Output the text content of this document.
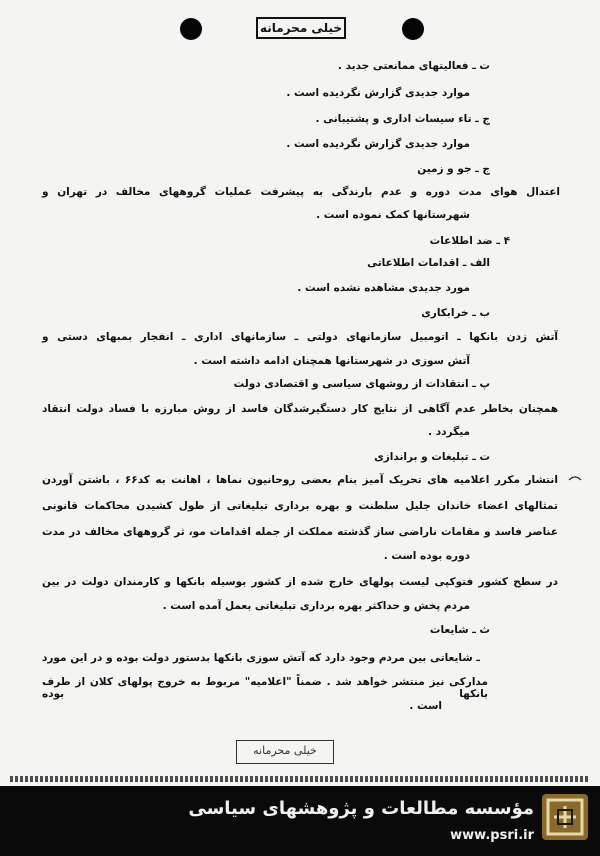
خیلی محرمانه
ت ـ فعالیتهای ممانعتی جدید .
موارد جدیدی گزارش نگردیده است .
ج ـ تاء سیسات اداری و پشتیبانی .
موارد جدیدی گزارش نگردیده است .
ج ـ جو و زمین
اعتدال هوای مدت دوره و عدم بارندگی به پیشرفت عملیات گروههای مخالف در تهران و
شهرستانها کمک نموده است .
۴ ـ ضد اطلاعات
الف ـ اقدامات اطلاعاتی
مورد جدیدی مشاهده نشده است .
ب ـ خرابکاری
آتش زدن بانکها ـ اتومبیل سازمانهای دولتی ـ سازمانهای اداری ـ انفجار بمبهای دستی و
آتش سوزی در شهرستانها همچنان ادامه داشته است .
پ ـ انتقادات از روشهای سیاسی و اقتصادی دولت
همچنان بخاطر عدم آگاهی از نتایج کار دستگیرشدگان فاسد از روش مبارزه با فساد دولت انتقاد
میگردد .
ت ـ تبلیغات و براندازی
انتشار مکرر اعلامیه های تحریک آمیز بنام بعضی روحانیون نماها ، اهانت به کد۶۶ ، باشتن آوردن
تمثالهای اعضاء خاندان جلیل سلطنت و بهره برداری تبلیغاتی از طول کشیدن محاکمات قانونی
عناصر فاسد و مقامات ناراضی ساز گذشته مملکت از جمله اقدامات مو، ثر گروههای مخالف در مدت
دوره بوده است .
در سطح کشور فتوکپی لیست پولهای خارج شده از کشور بوسیله بانکها و کارمندان دولت در بین
مردم پخش و حداکثر بهره برداری تبلیغاتی بعمل آمده است .
ث ـ شایعات
ـ شایعاتی بین مردم وجود دارد که آتش سوزی بانکها بدستور دولت بوده و در این مورد
مدارکی نیز منتشر خواهد شد . ضمناً "اعلامیه" مربوط به خروج پولهای کلان از طرف بانکها بوده
است .
خیلی محرمانه
مؤسسه مطالعات و پژوهشهای سیاسی
www.psri.ir
